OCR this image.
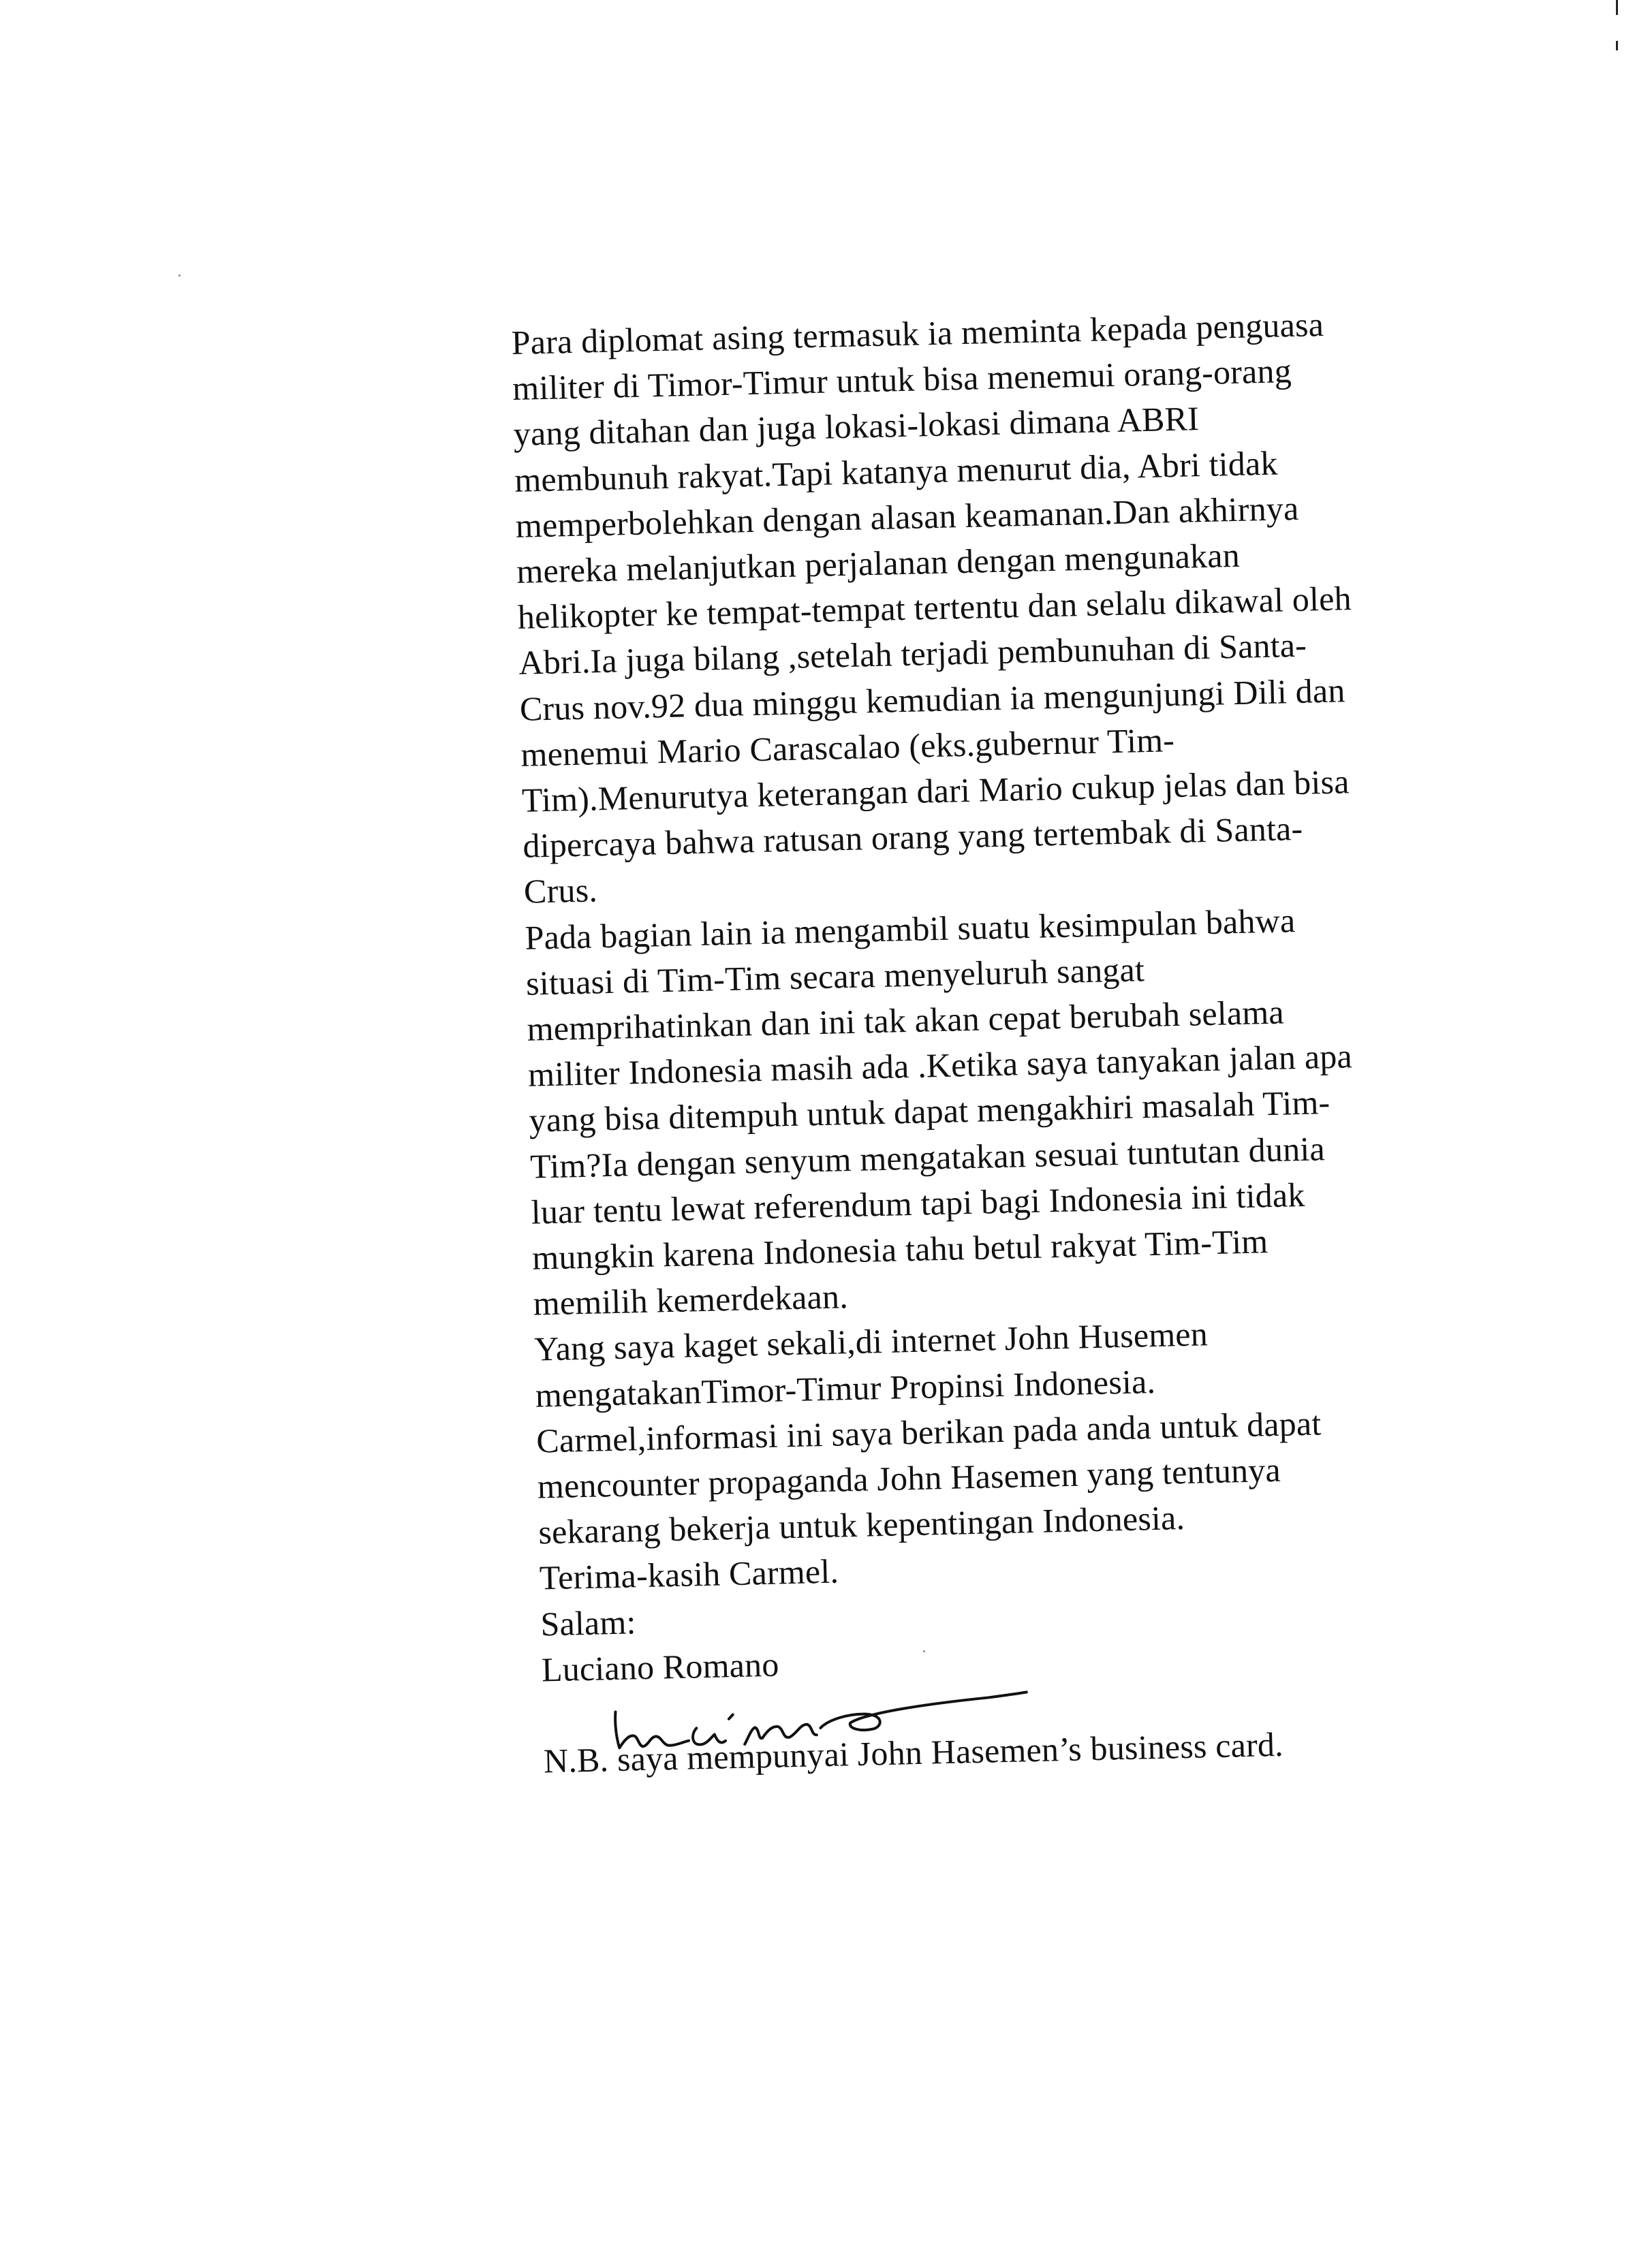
Para diplomat asing termasuk ia meminta kepada penguasa
militer di Timor-Timur untuk bisa menemui orang-orang
yang ditahan dan juga lokasi-lokasi dimana ABRI
membunuh rakyat.Tapi katanya menurut dia, Abri tidak
memperbolehkan dengan alasan keamanan.Dan akhirnya
mereka melanjutkan perjalanan dengan mengunakan
helikopter ke tempat-tempat tertentu dan selalu dikawal oleh
Abri.Ia juga bilang ,setelah terjadi pembunuhan di Santa-
Crus nov.92 dua minggu kemudian ia mengunjungi Dili dan
menemui Mario Carascalao (eks.gubernur Tim-
Tim).Menurutya keterangan dari Mario cukup jelas dan bisa
dipercaya bahwa ratusan orang yang tertembak di Santa-
Crus.
Pada bagian lain ia mengambil suatu kesimpulan bahwa
situasi di Tim-Tim secara menyeluruh sangat
memprihatinkan dan ini tak akan cepat berubah selama
militer Indonesia masih ada .Ketika saya tanyakan jalan apa
yang bisa ditempuh untuk dapat mengakhiri masalah Tim-
Tim?Ia dengan senyum mengatakan sesuai tuntutan dunia
luar tentu lewat referendum tapi bagi Indonesia ini tidak
mungkin karena Indonesia tahu betul rakyat Tim-Tim
memilih kemerdekaan.
Yang saya kaget sekali,di internet John Husemen
mengatakanTimor-Timur Propinsi Indonesia.
Carmel,informasi ini saya berikan pada anda untuk dapat
mencounter propaganda John Hasemen yang tentunya
sekarang bekerja untuk kepentingan Indonesia.
Terima-kasih Carmel.
Salam:
Luciano Romano

N.B. saya mempunyai John Hasemen’s business card.
